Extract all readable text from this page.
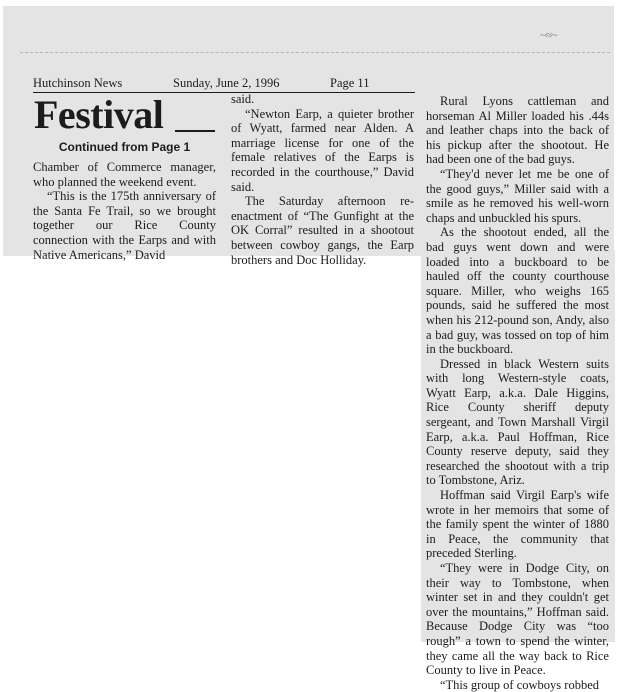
~≈~
Hutchinson News	Sunday, June 2, 1996	Page 11
Festival
Continued from Page 1

Chamber of Commerce manager, who planned the weekend event.

“This is the 175th anniversary of the Santa Fe Trail, so we brought together our Rice County connection with the Earps and with Native Americans,” David

said.

“Newton Earp, a quieter brother of Wyatt, farmed near Alden. A marriage license for one of the female relatives of the Earps is recorded in the courthouse,” David said.

The Saturday afternoon re-enactment of “The Gunfight at the OK Corral” resulted in a shootout between cowboy gangs, the Earp brothers and Doc Holliday.

Rural Lyons cattleman and horseman Al Miller loaded his .44s and leather chaps into the back of his pickup after the shootout. He had been one of the bad guys.

“They'd never let me be one of the good guys,” Miller said with a smile as he removed his well-worn chaps and unbuckled his spurs.

As the shootout ended, all the bad guys went down and were loaded into a buckboard to be hauled off the county courthouse square. Miller, who weighs 165 pounds, said he suffered the most when his 212-pound son, Andy, also a bad guy, was tossed on top of him in the buckboard.

Dressed in black Western suits with long Western-style coats, Wyatt Earp, a.k.a. Dale Higgins, Rice County sheriff deputy sergeant, and Town Marshall Virgil Earp, a.k.a. Paul Hoffman, Rice County reserve deputy, said they researched the shootout with a trip to Tombstone, Ariz.

Hoffman said Virgil Earp's wife wrote in her memoirs that some of the family spent the winter of 1880 in Peace, the community that preceded Sterling.

“They were in Dodge City, on their way to Tombstone, when winter set in and they couldn't get over the mountains,” Hoffman said. Because Dodge City was “too rough” a town to spend the winter, they came all the way back to Rice County to live in Peace.

“This group of cowboys robbed
